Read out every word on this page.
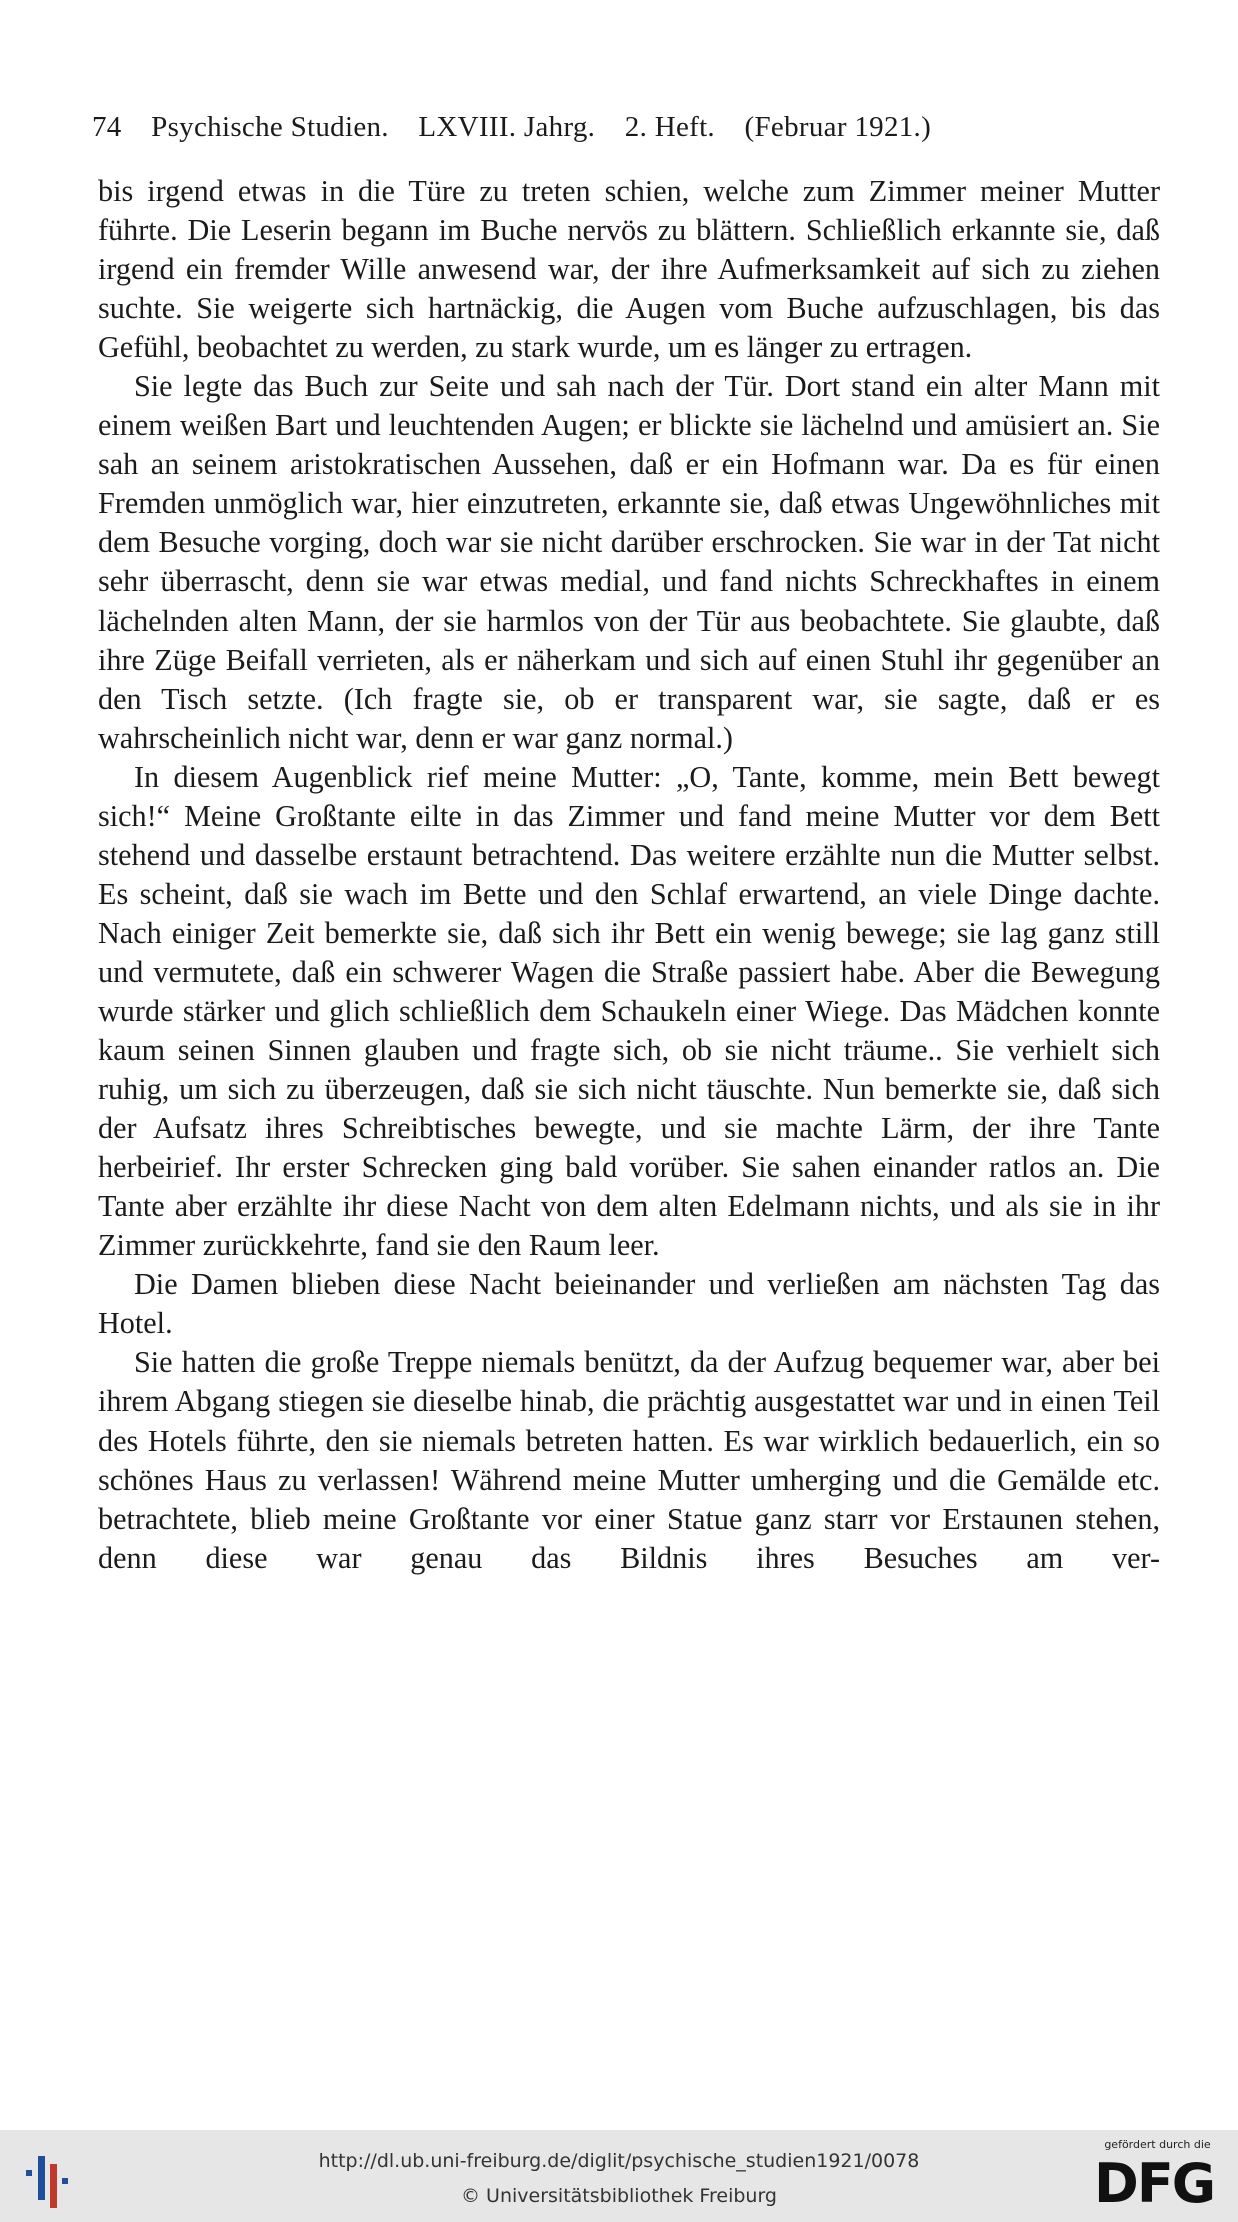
74 Psychische Studien. LXVIII. Jahrg. 2. Heft. (Februar 1921.)

bis irgend etwas in die Türe zu treten schien, welche zum Zimmer meiner Mutter führte. Die Leserin begann im Buche nervös zu blättern. Schließlich erkannte sie, daß irgend ein fremder Wille anwesend war, der ihre Aufmerksamkeit auf sich zu ziehen suchte. Sie weigerte sich hartnäckig, die Augen vom Buche aufzuschlagen, bis das Gefühl, beobachtet zu werden, zu stark wurde, um es länger zu ertragen.

Sie legte das Buch zur Seite und sah nach der Tür. Dort stand ein alter Mann mit einem weißen Bart und leuchtenden Augen; er blickte sie lächelnd und amüsiert an. Sie sah an seinem aristokratischen Aussehen, daß er ein Hofmann war. Da es für einen Fremden unmöglich war, hier einzutreten, erkannte sie, daß etwas Ungewöhnliches mit dem Besuche vorging, doch war sie nicht darüber erschrocken. Sie war in der Tat nicht sehr überrascht, denn sie war etwas medial, und fand nichts Schreckhaftes in einem lächelnden alten Mann, der sie harmlos von der Tür aus beobachtete. Sie glaubte, daß ihre Züge Beifall verrieten, als er näherkam und sich auf einen Stuhl ihr gegenüber an den Tisch setzte. (Ich fragte sie, ob er transparent war, sie sagte, daß er es wahrscheinlich nicht war, denn er war ganz normal.)

In diesem Augenblick rief meine Mutter: „O, Tante, komme, mein Bett bewegt sich!“ Meine Großtante eilte in das Zimmer und fand meine Mutter vor dem Bett stehend und dasselbe erstaunt betrachtend. Das weitere erzählte nun die Mutter selbst. Es scheint, daß sie wach im Bette und den Schlaf erwartend, an viele Dinge dachte. Nach einiger Zeit bemerkte sie, daß sich ihr Bett ein wenig bewege; sie lag ganz still und vermutete, daß ein schwerer Wagen die Straße passiert habe. Aber die Bewegung wurde stärker und glich schließlich dem Schaukeln einer Wiege. Das Mädchen konnte kaum seinen Sinnen glauben und fragte sich, ob sie nicht träume.. Sie verhielt sich ruhig, um sich zu überzeugen, daß sie sich nicht täuschte. Nun bemerkte sie, daß sich der Aufsatz ihres Schreibtisches bewegte, und sie machte Lärm, der ihre Tante herbeirief. Ihr erster Schrecken ging bald vorüber. Sie sahen einander ratlos an. Die Tante aber erzählte ihr diese Nacht von dem alten Edelmann nichts, und als sie in ihr Zimmer zurückkehrte, fand sie den Raum leer.

Die Damen blieben diese Nacht beieinander und verließen am nächsten Tag das Hotel.

Sie hatten die große Treppe niemals benützt, da der Aufzug bequemer war, aber bei ihrem Abgang stiegen sie dieselbe hinab, die prächtig ausgestattet war und in einen Teil des Hotels führte, den sie niemals betreten hatten. Es war wirklich bedauerlich, ein so schönes Haus zu verlassen! Während meine Mutter umherging und die Gemälde etc. betrachtete, blieb meine Großtante vor einer Statue ganz starr vor Erstaunen stehen, denn diese war genau das Bildnis ihres Besuches am ver-

http://dl.ub.uni-freiburg.de/diglit/psychische_studien1921/0078
© Universitätsbibliothek Freiburg
gefördert durch die
DFG
